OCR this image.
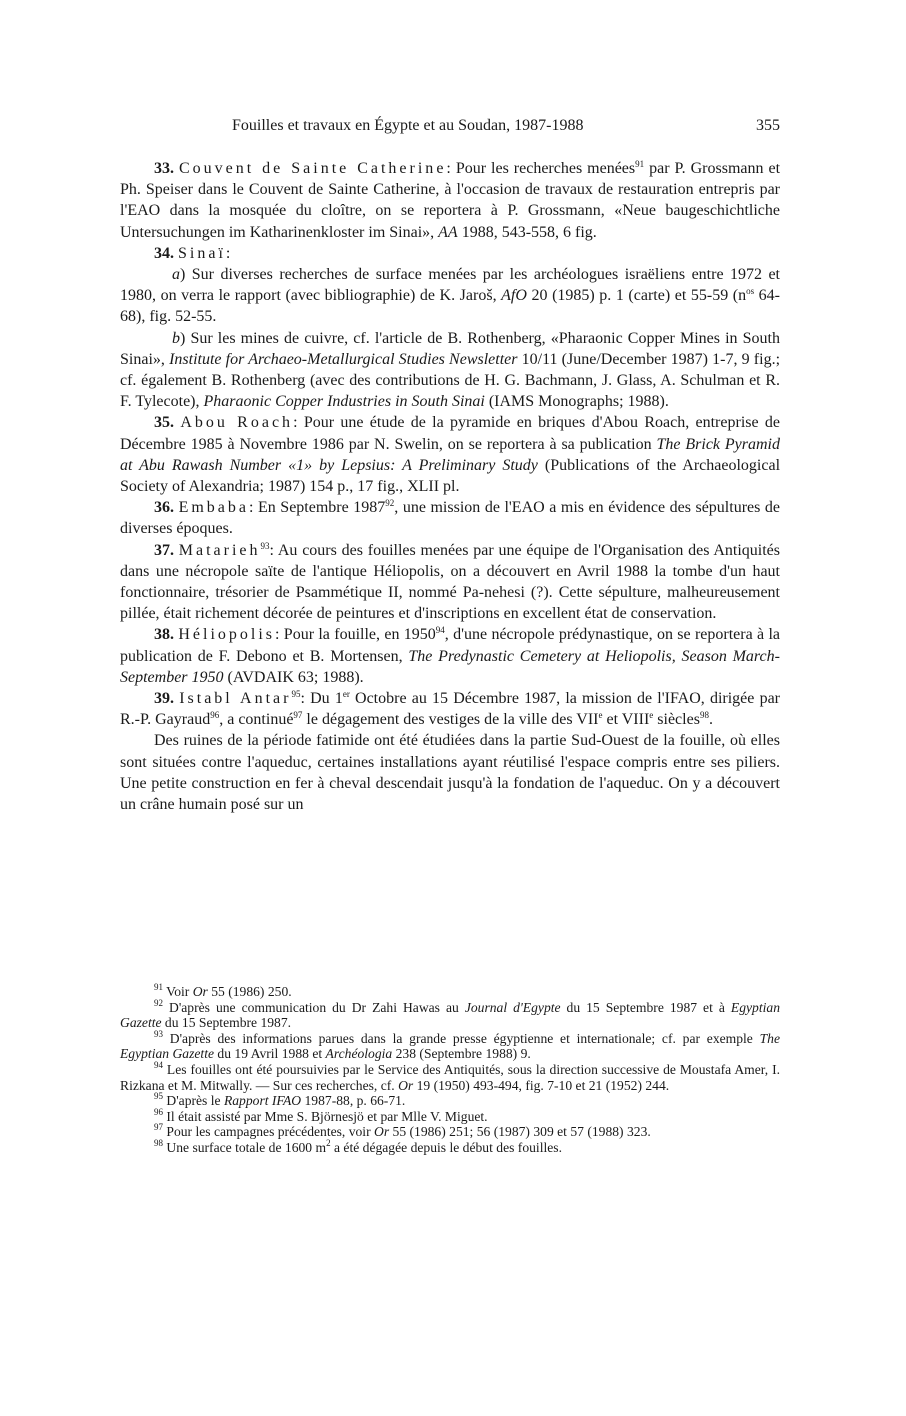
Fouilles et travaux en Égypte et au Soudan, 1987-1988	355

33. Couvent de Sainte Catherine: Pour les recherches menées$^{91}$ par P. Grossmann et Ph. Speiser dans le Couvent de Sainte Catherine, à l'occasion de travaux de restauration entrepris par l'EAO dans la mosquée du cloître, on se reportera à P. Grossmann, «Neue baugeschichtliche Untersuchungen im Katharinenkloster im Sinai», AA 1988, 543-558, 6 fig.

34. Sinaï:

a) Sur diverses recherches de surface menées par les archéologues israëliens entre 1972 et 1980, on verra le rapport (avec bibliographie) de K. Jaroš, AfO 20 (1985) p. 1 (carte) et 55-59 ($n^{os}$ 64-68), fig. 52-55.

b) Sur les mines de cuivre, cf. l'article de B. Rothenberg, «Pharaonic Copper Mines in South Sinai», Institute for Archaeo-Metallurgical Studies Newsletter 10/11 (June/December 1987) 1-7, 9 fig.; cf. également B. Rothenberg (avec des contributions de H. G. Bachmann, J. Glass, A. Schulman et R. F. Tylecote), Pharaonic Copper Industries in South Sinai (IAMS Monographs; 1988).

35. Abou Roach: Pour une étude de la pyramide en briques d'Abou Roach, entreprise de Décembre 1985 à Novembre 1986 par N. Swelin, on se reportera à sa publication The Brick Pyramid at Abu Rawash Number «1» by Lepsius: A Preliminary Study (Publications of the Archaeological Society of Alexandria; 1987) 154 p., 17 fig., XLII pl.

36. Embaba: En Septembre 1987$^{92}$, une mission de l'EAO a mis en évidence des sépultures de diverses époques.

37. Matarieh$^{93}$: Au cours des fouilles menées par une équipe de l'Organisation des Antiquités dans une nécropole saïte de l'antique Héliopolis, on a découvert en Avril 1988 la tombe d'un haut fonctionnaire, trésorier de Psammétique II, nommé Pa-nehesi (?). Cette sépulture, malheureusement pillée, était richement décorée de peintures et d'inscriptions en excellent état de conservation.

38. Héliopolis: Pour la fouille, en 1950$^{94}$, d'une nécropole prédynastique, on se reportera à la publication de F. Debono et B. Mortensen, The Predynastic Cemetery at Heliopolis, Season March-September 1950 (AVDAIK 63; 1988).

39. Istabl Antar$^{95}$: Du 1er Octobre au 15 Décembre 1987, la mission de l'IFAO, dirigée par R.-P. Gayraud$^{96}$, a continué$^{97}$ le dégagement des vestiges de la ville des VIIe et VIIIe siècles$^{98}$.

Des ruines de la période fatimide ont été étudiées dans la partie Sud-Ouest de la fouille, où elles sont situées contre l'aqueduc, certaines installations ayant réutilisé l'espace compris entre ses piliers. Une petite construction en fer à cheval descendait jusqu'à la fondation de l'aqueduc. On y a découvert un crâne humain posé sur un

$^{91}$ Voir Or 55 (1986) 250.

$^{92}$ D'après une communication du Dr Zahi Hawas au Journal d'Egypte du 15 Septembre 1987 et à Egyptian Gazette du 15 Septembre 1987.

$^{93}$ D'après des informations parues dans la grande presse égyptienne et internationale; cf. par exemple The Egyptian Gazette du 19 Avril 1988 et Archéologia 238 (Septembre 1988) 9.

$^{94}$ Les fouilles ont été poursuivies par le Service des Antiquités, sous la direction successive de Moustafa Amer, I. Rizkana et M. Mitwally. — Sur ces recherches, cf. Or 19 (1950) 493-494, fig. 7-10 et 21 (1952) 244.

$^{95}$ D'après le Rapport IFAO 1987-88, p. 66-71.

$^{96}$ Il était assisté par Mme S. Björnesjö et par Mlle V. Miguet.

$^{97}$ Pour les campagnes précédentes, voir Or 55 (1986) 251; 56 (1987) 309 et 57 (1988) 323.

$^{98}$ Une surface totale de 1600 $m^2$ a été dégagée depuis le début des fouilles.
